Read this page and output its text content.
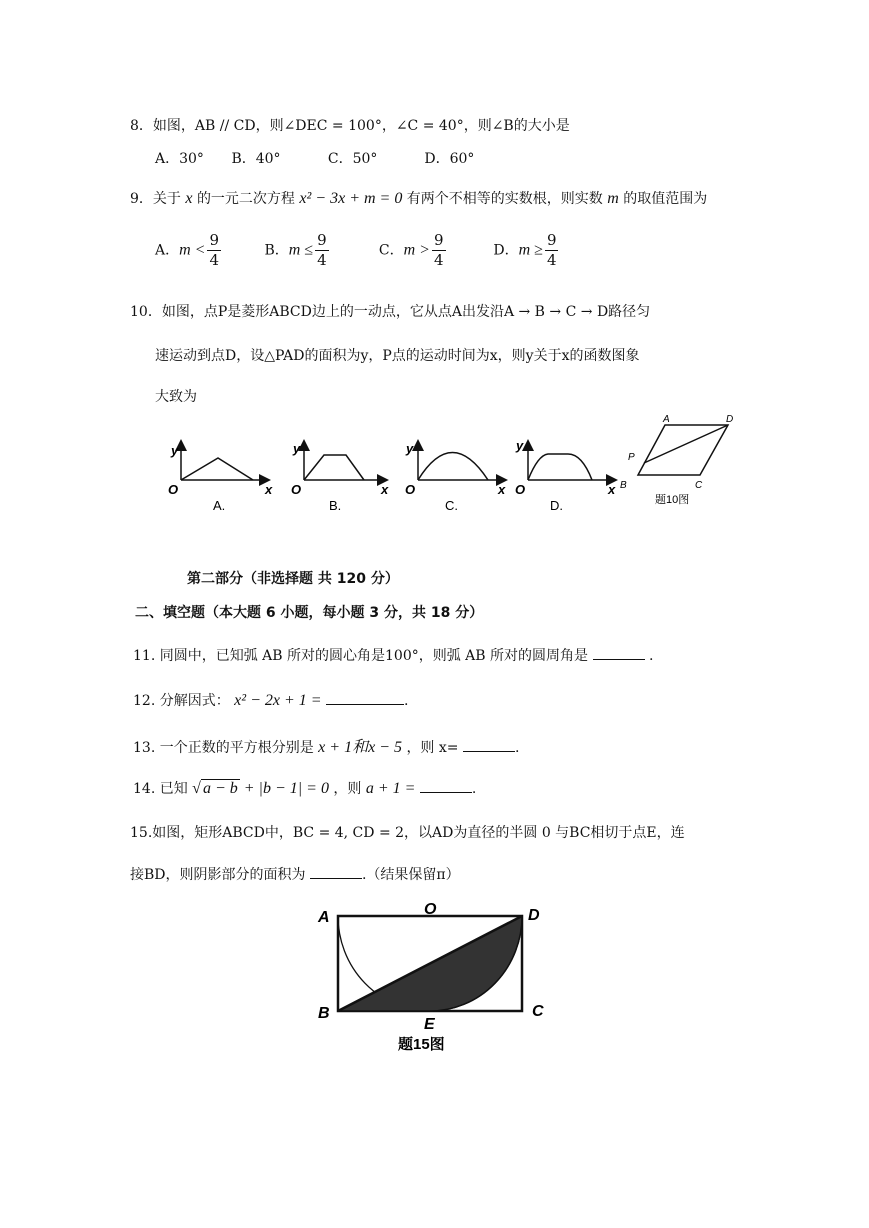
8．如图，AB // CD，则∠DEC = 100°，∠C = 40°，则∠B的大小是
A．30° B．40°	C．50°	D．60°
9．关于 x 的一元二次方程 x² − 3x + m = 0 有两个不相等的实数根，则实数 m 的取值范围为
A．$m < \frac{9}{4}$	B．$m \le \frac{9}{4}$	C．$m > \frac{9}{4}$	D．$m \ge \frac{9}{4}$
10．如图，点P是菱形ABCD边上的一动点，它从点A出发沿A → B → C → D路径匀
速运动到点D，设△PAD的面积为y，P点的运动时间为x，则y关于x的函数图象
大致为
y
x
O
A.
y
x
O
B.
y
x
O
C.
y
x
O
D.
A	D
P
B	C
题10图
第二部分（非选择题 共 120 分）
二、填空题（本大题 6 小题，每小题 3 分，共 18 分）
11. 同圆中，已知弧 AB 所对的圆心角是100°，则弧 AB 所对的圆周角是	.
12. 分解因式： x² − 2x + 1 =	.
13. 一个正数的平方根分别是 x + 1和x − 5 ，则 x=	.
14. 已知 √ a − b + |b − 1| = 0 ，则 a + 1 =	.
15.如图，矩形ABCD中，BC = 4, CD = 2，以AD为直径的半圆 0 与BC相切于点E，连
接BD，则阴影部分的面积为	.（结果保留π）
A	O	D
B
E
C
题15图
